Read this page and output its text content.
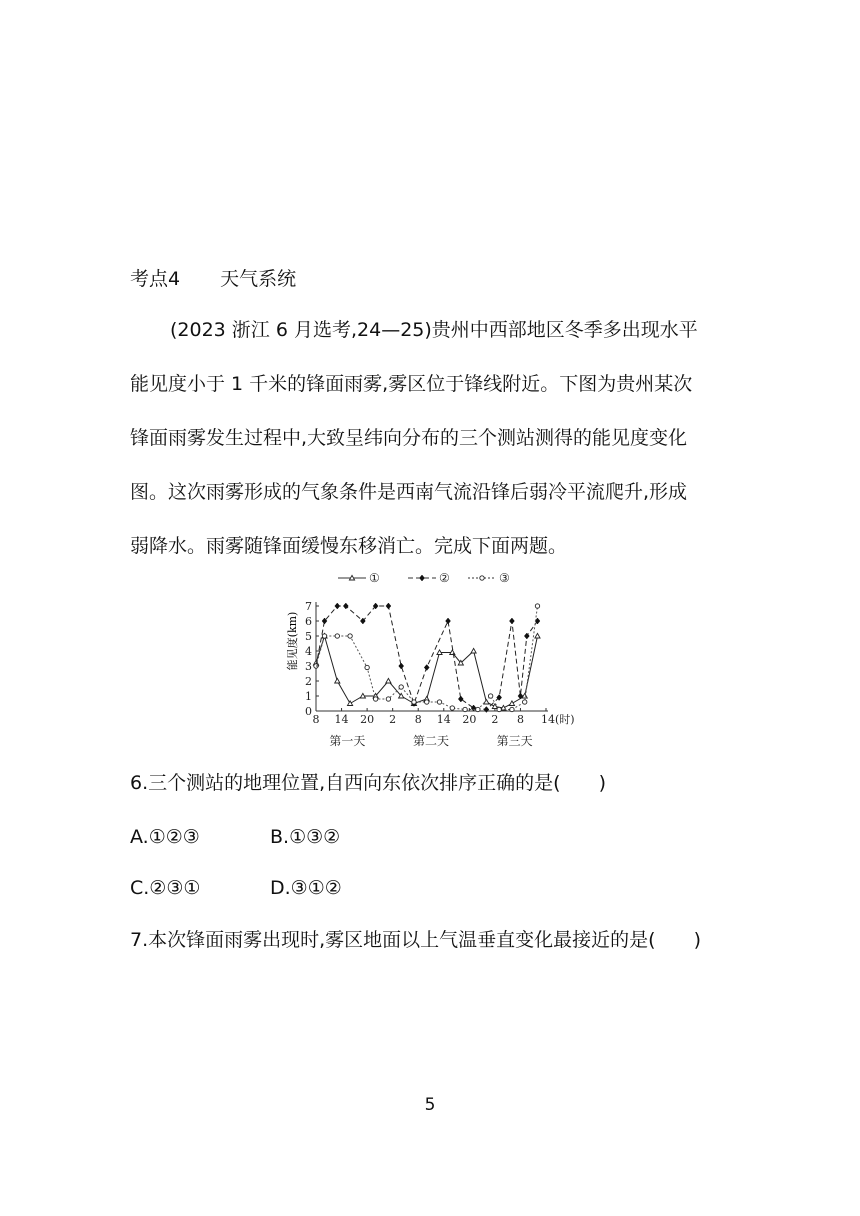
考点4 天气系统
(2023 浙江 6 月选考,24—25)贵州中西部地区冬季多出现水平
能见度小于 1 千米的锋面雨雾,雾区位于锋线附近。下图为贵州某次
锋面雨雾发生过程中,大致呈纬向分布的三个测站测得的能见度变化
图。这次雨雾形成的气象条件是西南气流沿锋后弱冷平流爬升,形成
弱降水。雨雾随锋面缓慢东移消亡。完成下面两题。
①	②	③
能见度(km)
0
1
2
3
4
5
6
7
8 14 20 2 8 14 20 2 8 14(时)
第一天	第二天	第三天
6.三个测站的地理位置,自西向东依次排序正确的是(　　)
A.①②③	B.①③②
C.②③①	D.③①②
7.本次锋面雨雾出现时,雾区地面以上气温垂直变化最接近的是(　　)
5
